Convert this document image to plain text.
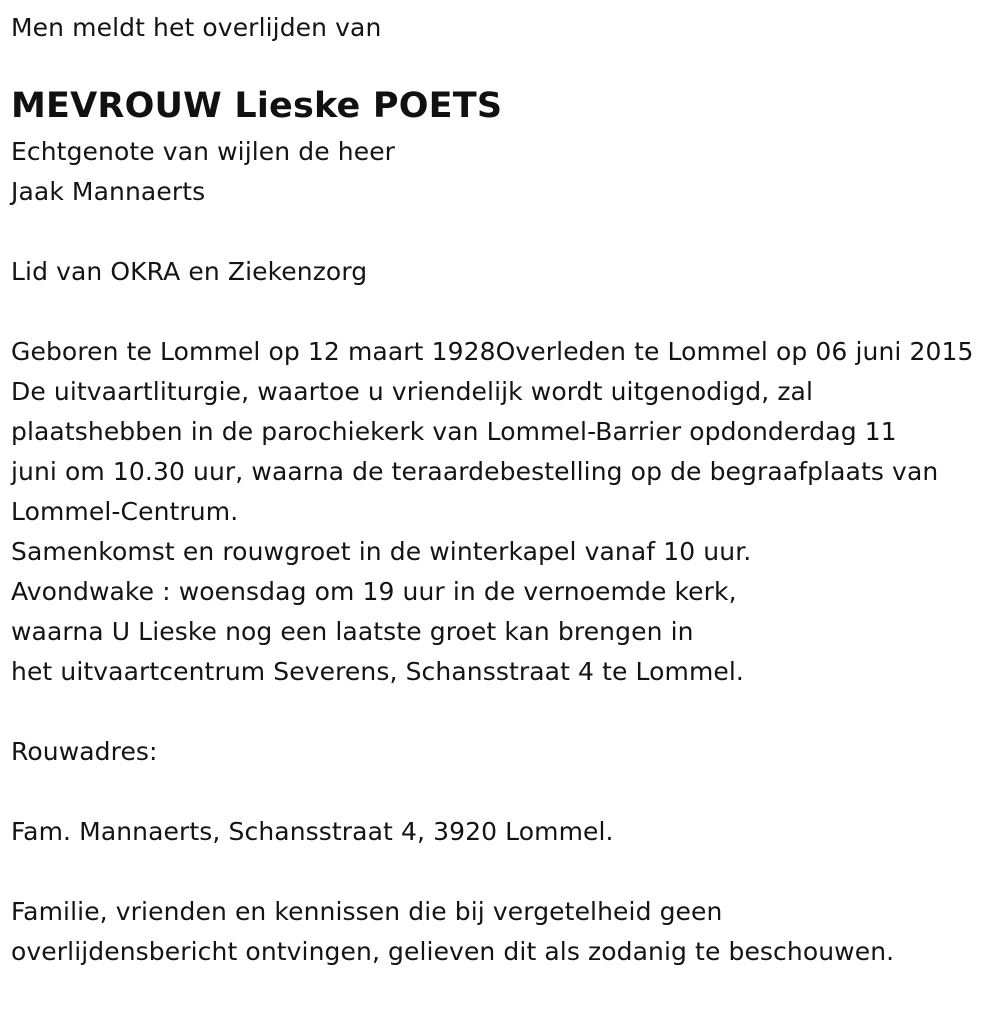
Men meldt het overlijden van
MEVROUW Lieske POETS
Echtgenote van wijlen de heer
Jaak Mannaerts
Lid van OKRA en Ziekenzorg
Geboren te Lommel op 12 maart 1928Overleden te Lommel op 06 juni 2015
De uitvaartliturgie, waartoe u vriendelijk wordt uitgenodigd, zal
plaatshebben in de parochiekerk van Lommel-Barrier opdonderdag 11
juni om 10.30 uur, waarna de teraardebestelling op de begraafplaats van
Lommel-Centrum.
Samenkomst en rouwgroet in de winterkapel vanaf 10 uur.
Avondwake : woensdag om 19 uur in de vernoemde kerk,
waarna U Lieske nog een laatste groet kan brengen in
het uitvaartcentrum Severens, Schansstraat 4 te Lommel.
Rouwadres:
Fam. Mannaerts, Schansstraat 4, 3920 Lommel.
Familie, vrienden en kennissen die bij vergetelheid geen
overlijdensbericht ontvingen, gelieven dit als zodanig te beschouwen.
